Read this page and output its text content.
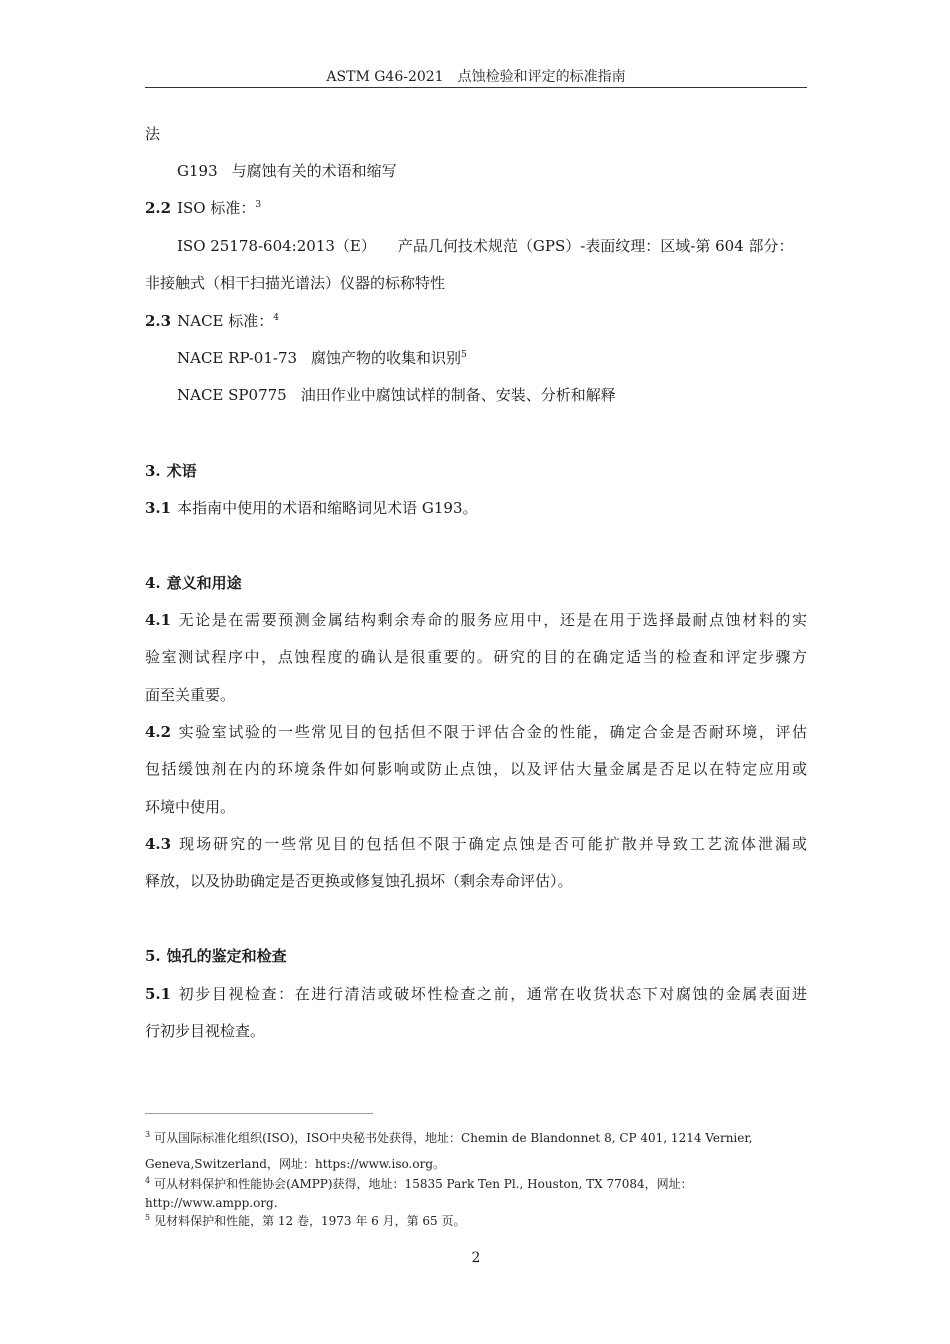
ASTM G46-2021　点蚀检验和评定的标准指南
法
G193 与腐蚀有关的术语和缩写
2.2 ISO 标准：$^3$
ISO 25178-604:2013（E） 产品几何技术规范（GPS）-表面纹理：区域-第 604 部分：
非接触式（相干扫描光谱法）仪器的标称特性
2.3 NACE 标准：$^4$
NACE RP-01-73 腐蚀产物的收集和识别$^5$
NACE SP0775 油田作业中腐蚀试样的制备、安装、分析和解释
3. 术语
3.1 本指南中使用的术语和缩略词见术语 G193。
4. 意义和用途
4.1 无论是在需要预测金属结构剩余寿命的服务应用中，还是在用于选择最耐点蚀材料的实
验室测试程序中，点蚀程度的确认是很重要的。研究的目的在确定适当的检查和评定步骤方
面至关重要。
4.2 实验室试验的一些常见目的包括但不限于评估合金的性能，确定合金是否耐环境，评估
包括缓蚀剂在内的环境条件如何影响或防止点蚀，以及评估大量金属是否足以在特定应用或
环境中使用。
4.3 现场研究的一些常见目的包括但不限于确定点蚀是否可能扩散并导致工艺流体泄漏或
释放，以及协助确定是否更换或修复蚀孔损坏（剩余寿命评估）。
5. 蚀孔的鉴定和检查
5.1 初步目视检查：在进行清洁或破坏性检查之前，通常在收货状态下对腐蚀的金属表面进
行初步目视检查。
$^3$ 可从国际标准化组织(ISO)，ISO中央秘书处获得，地址：Chemin de Blandonnet 8, CP 401, 1214 Vernier,
Geneva,Switzerland，网址：https://www.iso.org。
$^4$ 可从材料保护和性能协会(AMPP)获得，地址：15835 Park Ten Pl., Houston, TX 77084，网址：
http://www.ampp.org.
$^5$ 见材料保护和性能，第 12 卷，1973 年 6 月，第 65 页。
2
